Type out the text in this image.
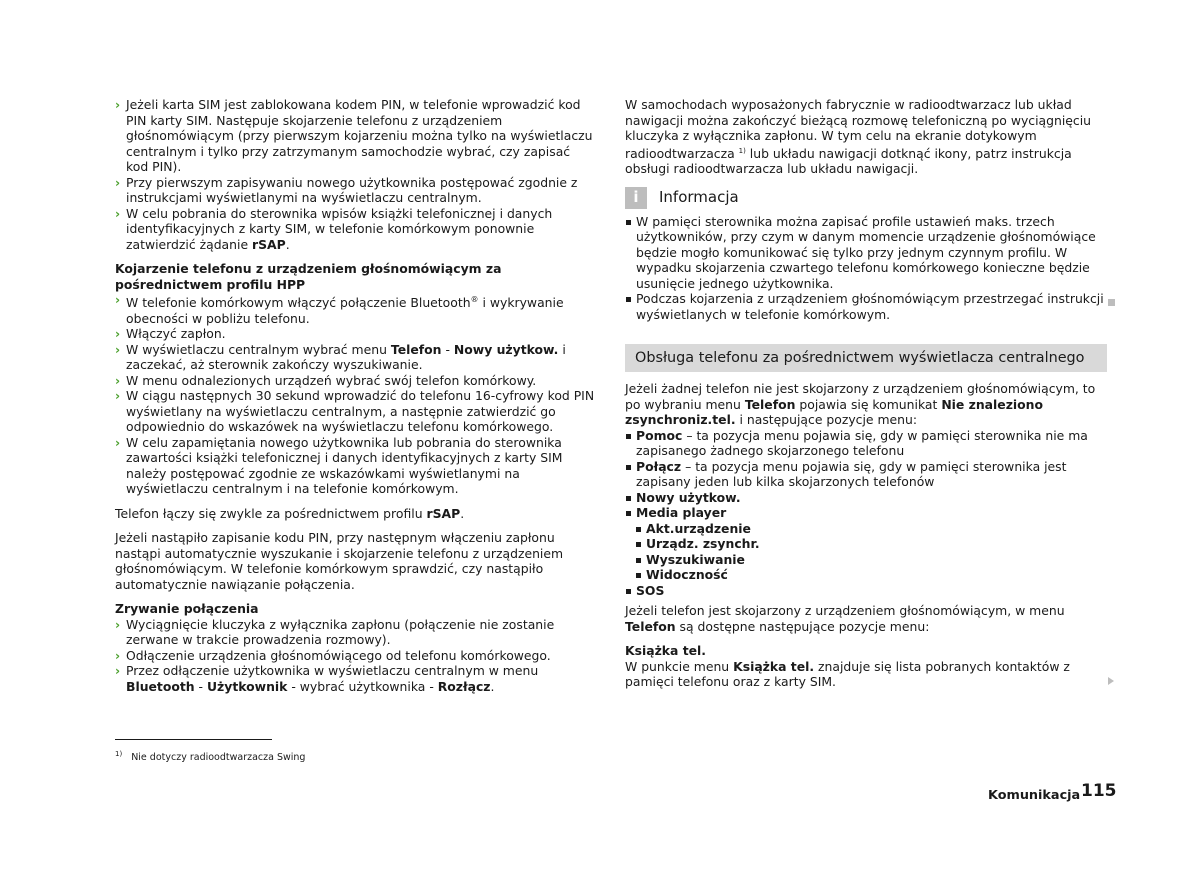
› Jeżeli karta SIM jest zablokowana kodem PIN, w telefonie wprowadzić kod PIN karty SIM. Następuje skojarzenie telefonu z urządzeniem głośnomówiącym (przy pierwszym kojarzeniu można tylko na wyświetlaczu centralnym i tylko przy zatrzymanym samochodzie wybrać, czy zapisać kod PIN).

› Przy pierwszym zapisywaniu nowego użytkownika postępować zgodnie z instrukcjami wyświetlanymi na wyświetlaczu centralnym.

› W celu pobrania do sterownika wpisów książki telefonicznej i danych identyfikacyjnych z karty SIM, w telefonie komórkowym ponownie zatwierdzić żądanie rSAP.

Kojarzenie telefonu z urządzeniem głośnomówiącym za pośrednictwem profilu HPP

› W telefonie komórkowym włączyć połączenie Bluetooth® i wykrywanie obecności w pobliżu telefonu.

› Włączyć zapłon.

› W wyświetlaczu centralnym wybrać menu Telefon - Nowy użytkow. i zaczekać, aż sterownik zakończy wyszukiwanie.

› W menu odnalezionych urządzeń wybrać swój telefon komórkowy.

› W ciągu następnych 30 sekund wprowadzić do telefonu 16-cyfrowy kod PIN wyświetlany na wyświetlaczu centralnym, a następnie zatwierdzić go odpowiednio do wskazówek na wyświetlaczu telefonu komórkowego.

› W celu zapamiętania nowego użytkownika lub pobrania do sterownika zawartości książki telefonicznej i danych identyfikacyjnych z karty SIM należy postępować zgodnie ze wskazówkami wyświetlanymi na wyświetlaczu centralnym i na telefonie komórkowym.

Telefon łączy się zwykle za pośrednictwem profilu rSAP.

Jeżeli nastąpiło zapisanie kodu PIN, przy następnym włączeniu zapłonu nastąpi automatycznie wyszukanie i skojarzenie telefonu z urządzeniem głośnomówiącym. W telefonie komórkowym sprawdzić, czy nastąpiło automatycznie nawiązanie połączenia.

Zrywanie połączenia

› Wyciągnięcie kluczyka z wyłącznika zapłonu (połączenie nie zostanie zerwane w trakcie prowadzenia rozmowy).

› Odłączenie urządzenia głośnomówiącego od telefonu komórkowego.

› Przez odłączenie użytkownika w wyświetlaczu centralnym w menu Bluetooth - Użytkownik - wybrać użytkownika - Rozłącz.

W samochodach wyposażonych fabrycznie w radioodtwarzacz lub układ nawigacji można zakończyć bieżącą rozmowę telefoniczną po wyciągnięciu kluczyka z wyłącznika zapłonu. W tym celu na ekranie dotykowym radioodtwarzacza $^{1)}$ lub układu nawigacji dotknąć ikony, patrz instrukcja obsługi radioodtwarzacza lub układu nawigacji.

i	Informacja

W pamięci sterownika można zapisać profile ustawień maks. trzech użytkowników, przy czym w danym momencie urządzenie głośnomówiące będzie mogło komunikować się tylko przy jednym czynnym profilu. W wypadku skojarzenia czwartego telefonu komórkowego konieczne będzie usunięcie jednego użytkownika.

Podczas kojarzenia z urządzeniem głośnomówiącym przestrzegać instrukcji wyświetlanych w telefonie komórkowym.

Obsługa telefonu za pośrednictwem wyświetlacza centralnego

Jeżeli żadnej telefon nie jest skojarzony z urządzeniem głośnomówiącym, to po wybraniu menu Telefon pojawia się komunikat Nie znaleziono zsynchroniz.tel. i następujące pozycje menu:

Pomoc – ta pozycja menu pojawia się, gdy w pamięci sterownika nie ma zapisanego żadnego skojarzonego telefonu

Połącz – ta pozycja menu pojawia się, gdy w pamięci sterownika jest zapisany jeden lub kilka skojarzonych telefonów

Nowy użytkow.

Media player

Akt.urządzenie

Urządz. zsynchr.

Wyszukiwanie

Widoczność

SOS

Jeżeli telefon jest skojarzony z urządzeniem głośnomówiącym, w menu Telefon są dostępne następujące pozycje menu:

Książka tel.

W punkcie menu Książka tel. znajduje się lista pobranych kontaktów z pamięci telefonu oraz z karty SIM.

$^{1)}$ Nie dotyczy radioodtwarzacza Swing
Komunikacja 115
